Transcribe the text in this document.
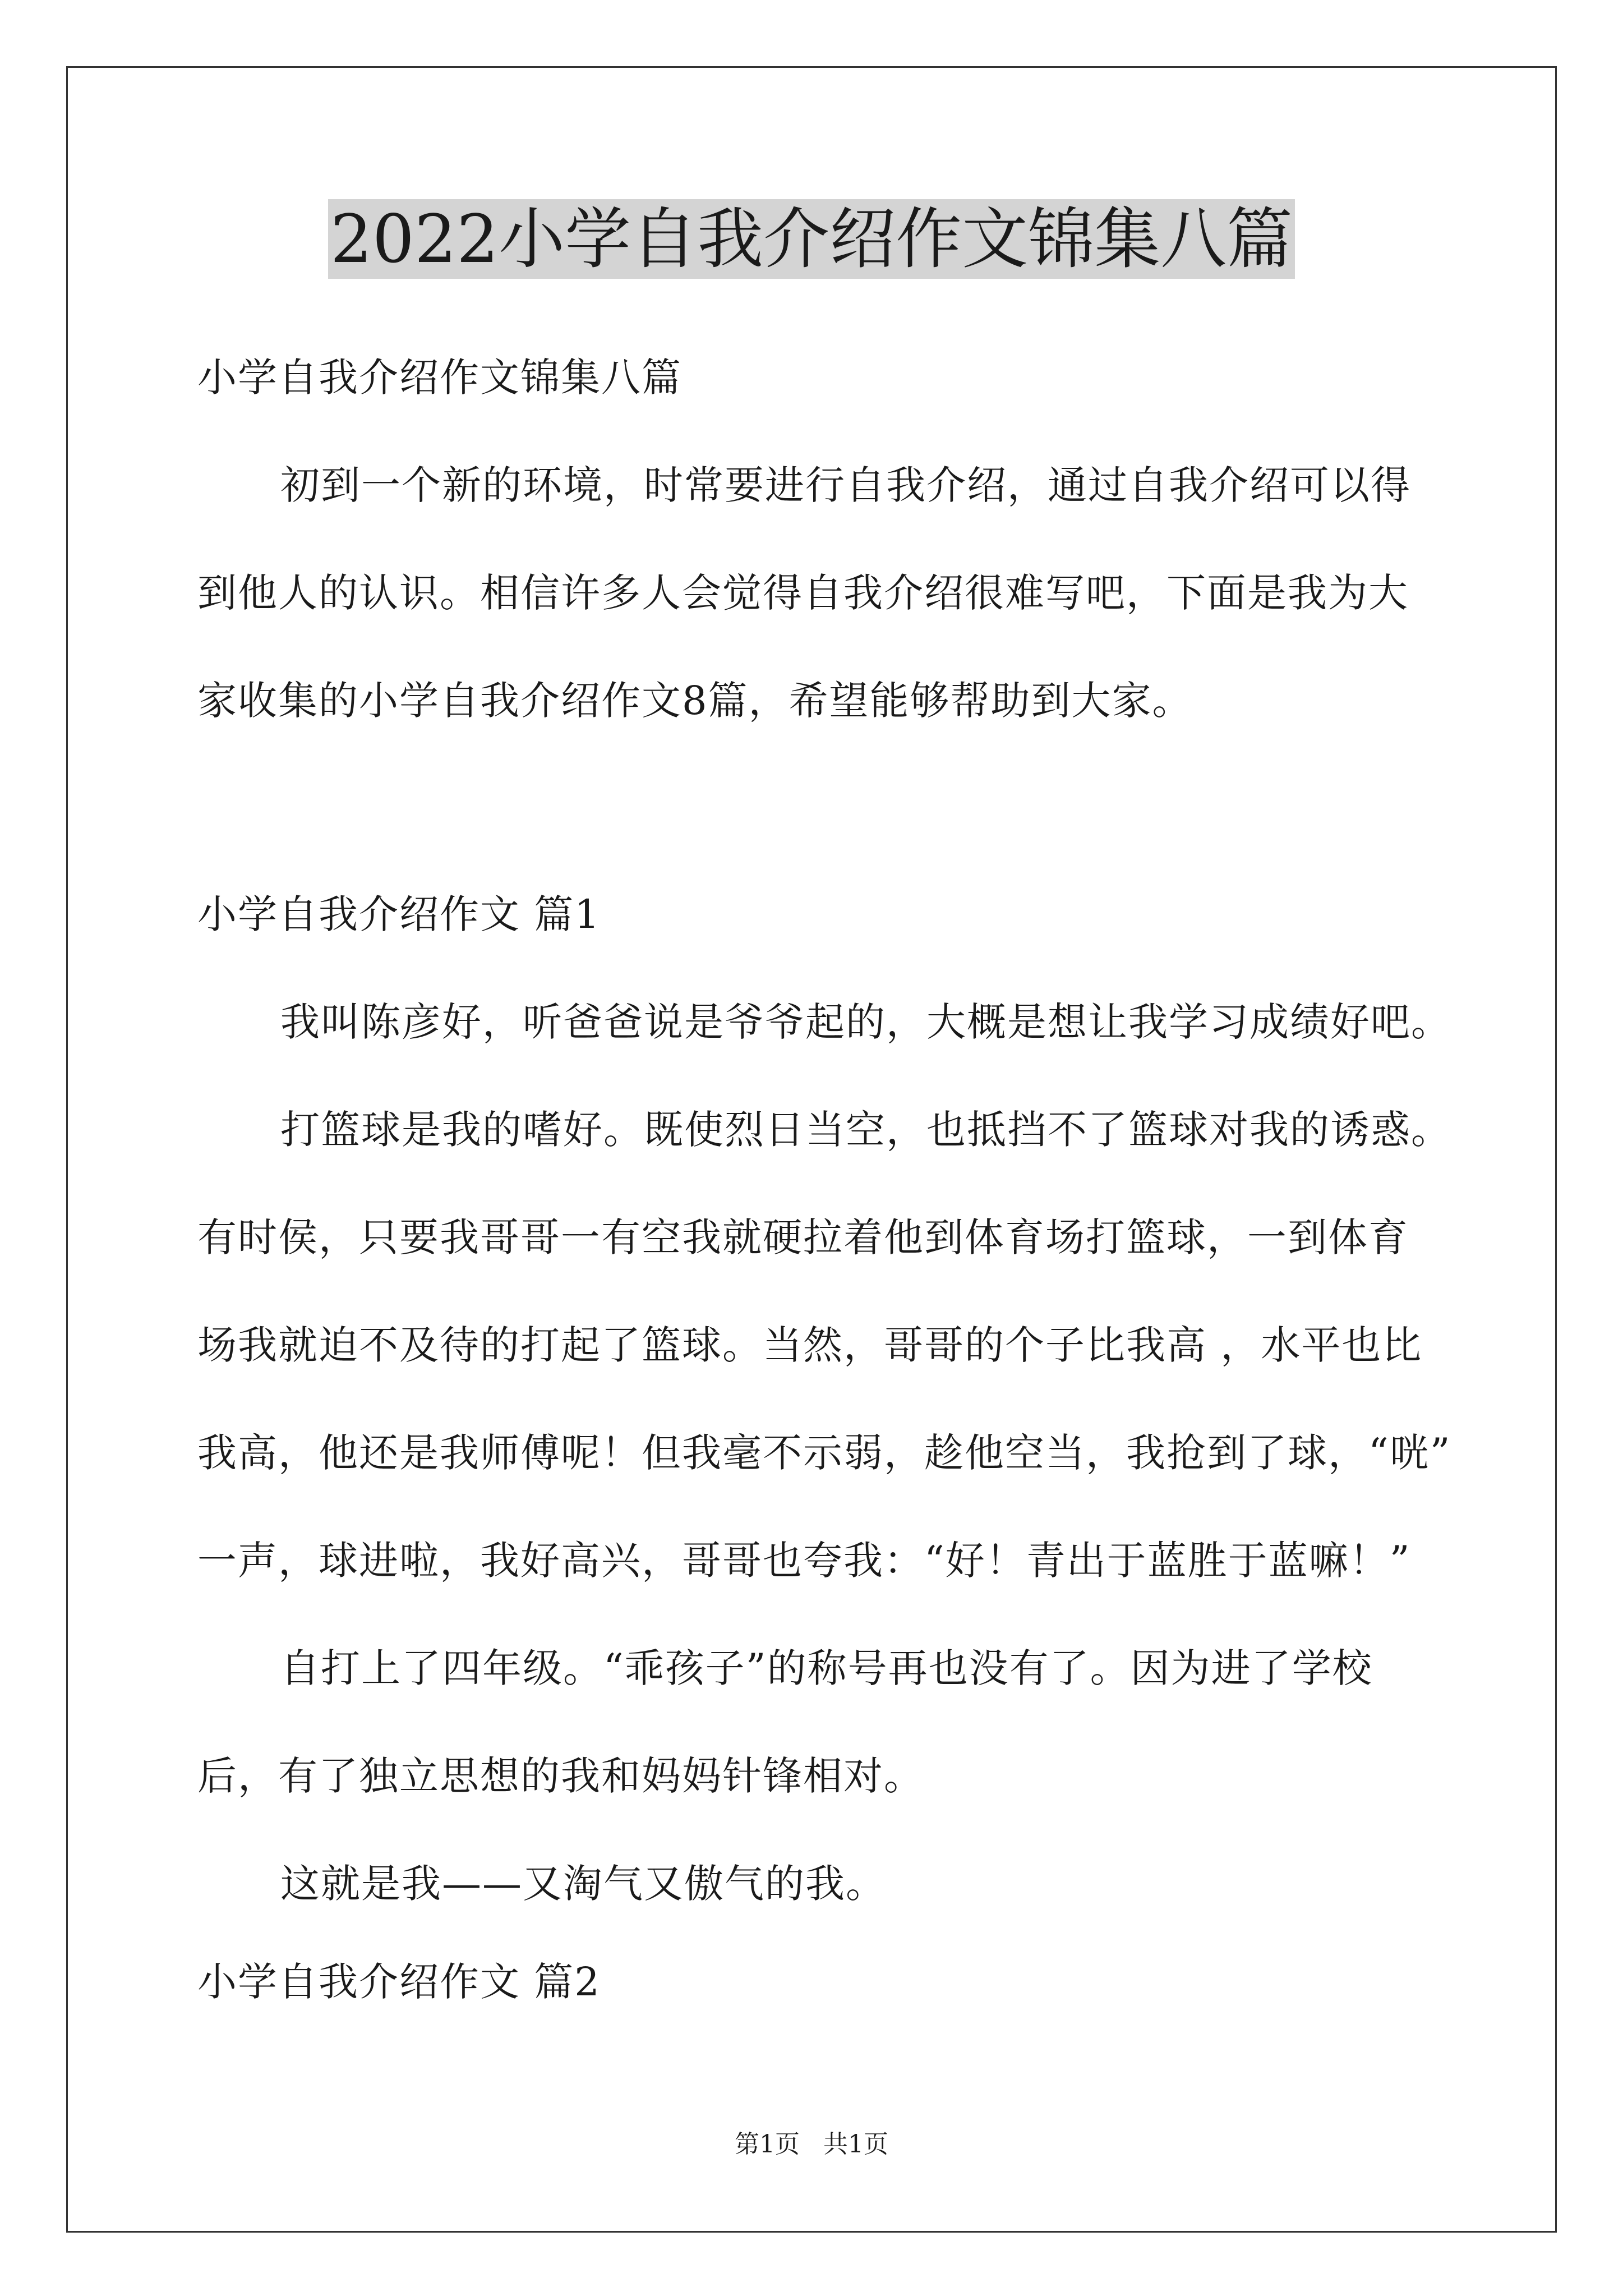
2022小学自我介绍作文锦集八篇
小学自我介绍作文锦集八篇
初到一个新的环境，时常要进行自我介绍，通过自我介绍可以得
到他人的认识。相信许多人会觉得自我介绍很难写吧，下面是我为大
家收集的小学自我介绍作文8篇，希望能够帮助到大家。
小学自我介绍作文 篇1
我叫陈彦好，听爸爸说是爷爷起的，大概是想让我学习成绩好吧。
打篮球是我的嗜好。既使烈日当空，也抵挡不了篮球对我的诱惑。
有时侯，只要我哥哥一有空我就硬拉着他到体育场打篮球，一到体育
场我就迫不及待的打起了篮球。当然，哥哥的个子比我高 ，水平也比
我高，他还是我师傅呢！但我毫不示弱，趁他空当，我抢到了球，“咣”
一声，球进啦，我好高兴，哥哥也夸我：“好！青出于蓝胜于蓝嘛！”
自打上了四年级。“乖孩子”的称号再也没有了。因为进了学校
后，有了独立思想的我和妈妈针锋相对。
这就是我——又淘气又傲气的我。
小学自我介绍作文 篇2
第1页 共1页
